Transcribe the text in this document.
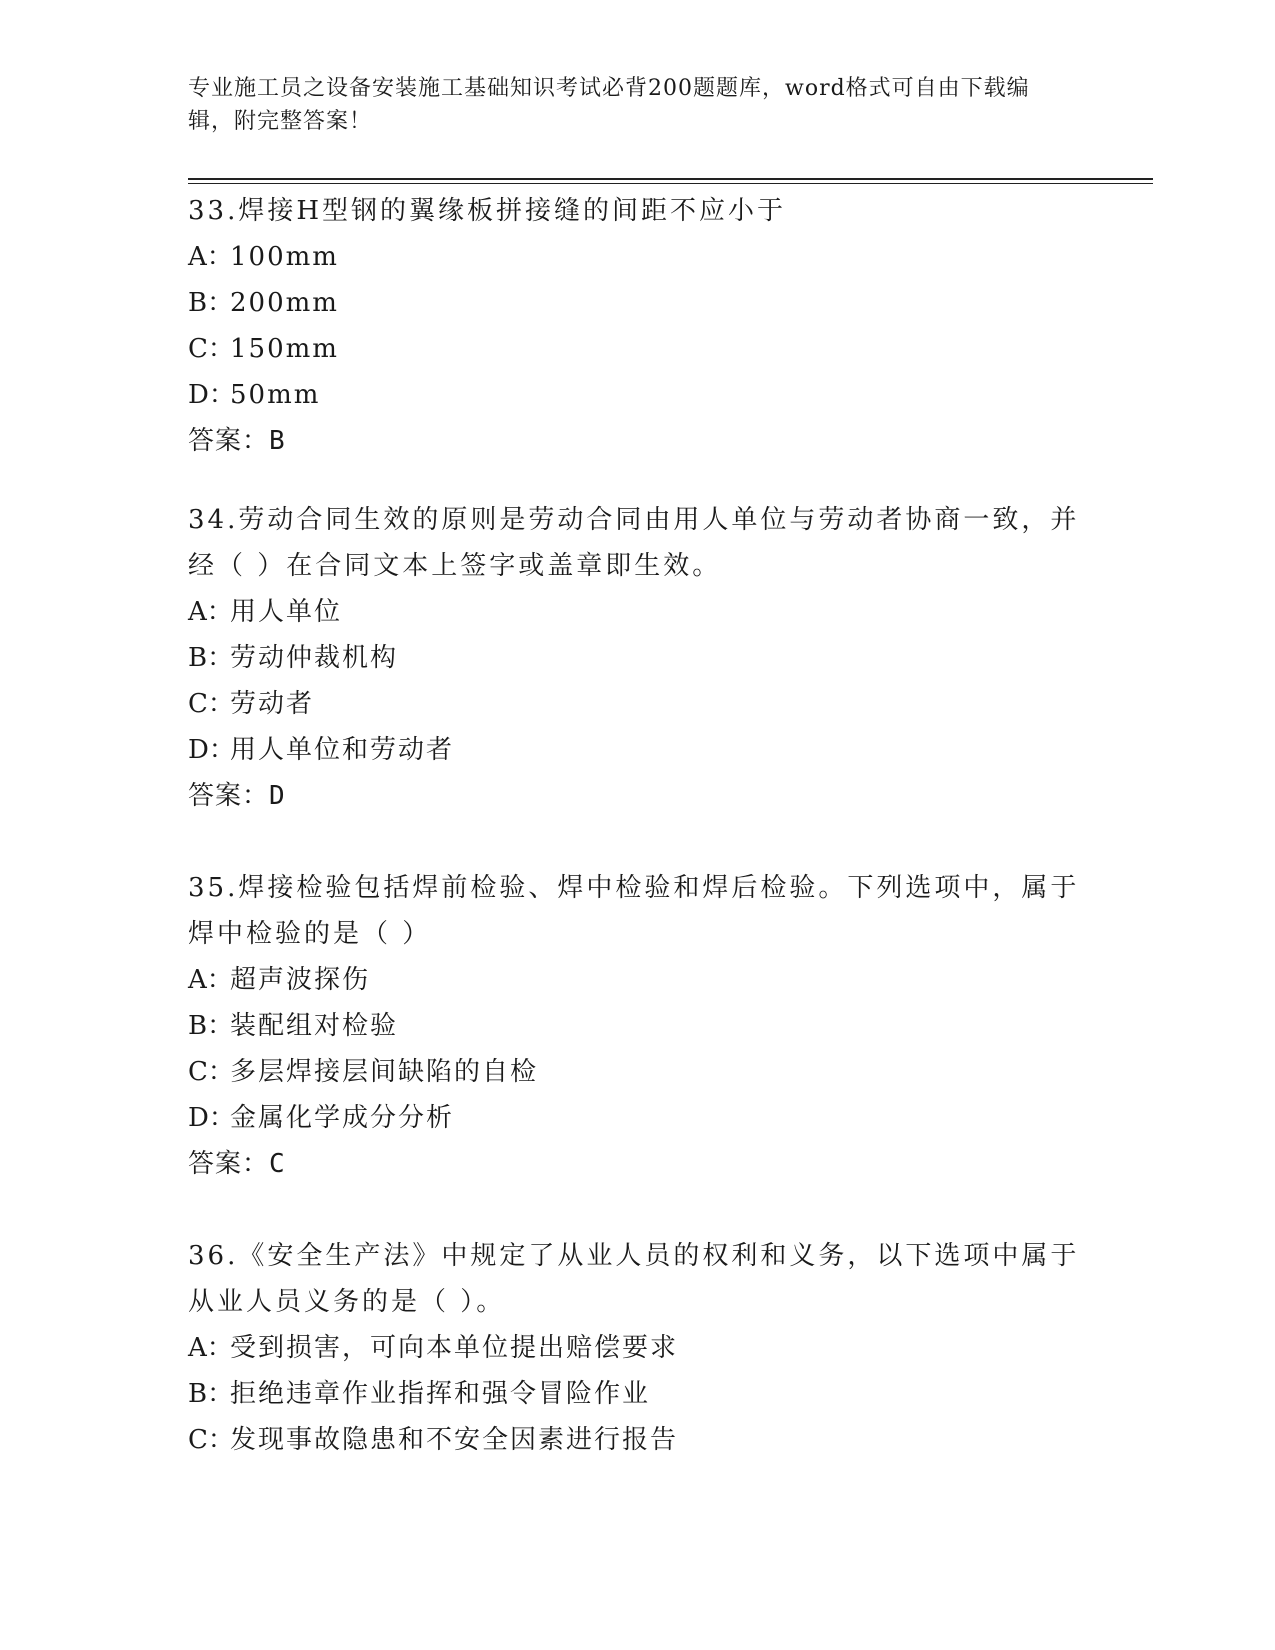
专业施工员之设备安装施工基础知识考试必背200题题库，word格式可自由下载编辑，附完整答案！

33.焊接H型钢的翼缘板拼接缝的间距不应小于

A：100mm

B：200mm

C：150mm

D：50mm

答案：B

34.劳动合同生效的原则是劳动合同由用人单位与劳动者协商一致，并经（ ）在合同文本上签字或盖章即生效。

A：用人单位

B：劳动仲裁机构

C：劳动者

D：用人单位和劳动者

答案：D

35.焊接检验包括焊前检验、焊中检验和焊后检验。下列选项中，属于焊中检验的是（ ）

A：超声波探伤

B：装配组对检验

C：多层焊接层间缺陷的自检

D：金属化学成分分析

答案：C

36.《安全生产法》中规定了从业人员的权利和义务，以下选项中属于从业人员义务的是（ ）。

A：受到损害，可向本单位提出赔偿要求

B：拒绝违章作业指挥和强令冒险作业

C：发现事故隐患和不安全因素进行报告
